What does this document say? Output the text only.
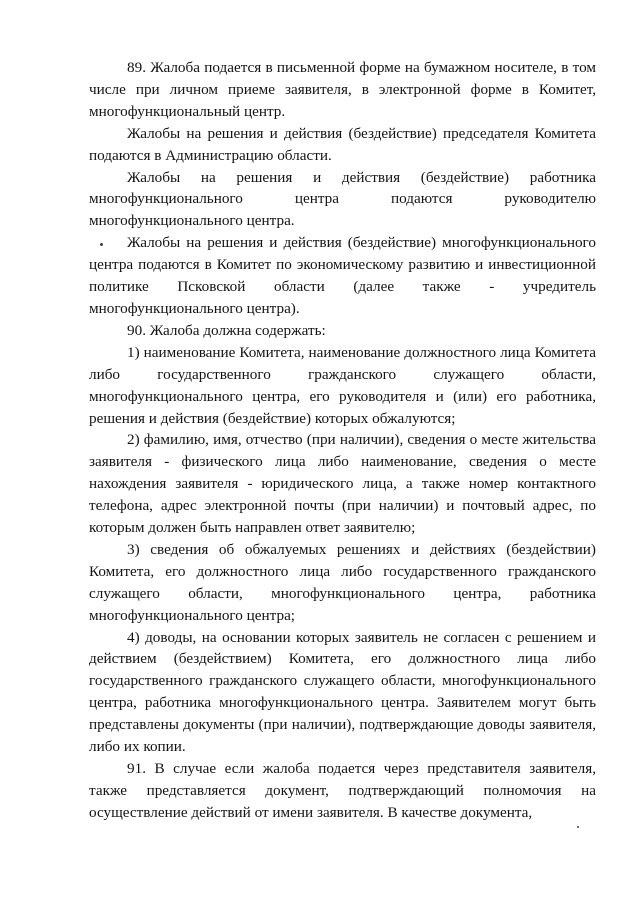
89. Жалоба подается в письменной форме на бумажном носителе, в том числе при личном приеме заявителя, в электронной форме в Комитет, многофункциональный центр.

Жалобы на решения и действия (бездействие) председателя Комитета подаются в Администрацию области.

Жалобы на решения и действия (бездействие) работника многофункционального центра подаются руководителю многофункционального центра.

Жалобы на решения и действия (бездействие) многофункционального центра подаются в Комитет по экономическому развитию и инвестиционной политике Псковской области (далее также - учредитель многофункционального центра).

90. Жалоба должна содержать:

1) наименование Комитета, наименование должностного лица Комитета либо государственного гражданского служащего области, многофункционального центра, его руководителя и (или) его работника, решения и действия (бездействие) которых обжалуются;

2) фамилию, имя, отчество (при наличии), сведения о месте жительства заявителя - физического лица либо наименование, сведения о месте нахождения заявителя - юридического лица, а также номер контактного телефона, адрес электронной почты (при наличии) и почтовый адрес, по которым должен быть направлен ответ заявителю;

3) сведения об обжалуемых решениях и действиях (бездействии) Комитета, его должностного лица либо государственного гражданского служащего области, многофункционального центра, работника многофункционального центра;

4) доводы, на основании которых заявитель не согласен с решением и действием (бездействием) Комитета, его должностного лица либо государственного гражданского служащего области, многофункционального центра, работника многофункционального центра. Заявителем могут быть представлены документы (при наличии), подтверждающие доводы заявителя, либо их копии.

91. В случае если жалоба подается через представителя заявителя, также представляется документ, подтверждающий полномочия на осуществление действий от имени заявителя. В качестве документа,
